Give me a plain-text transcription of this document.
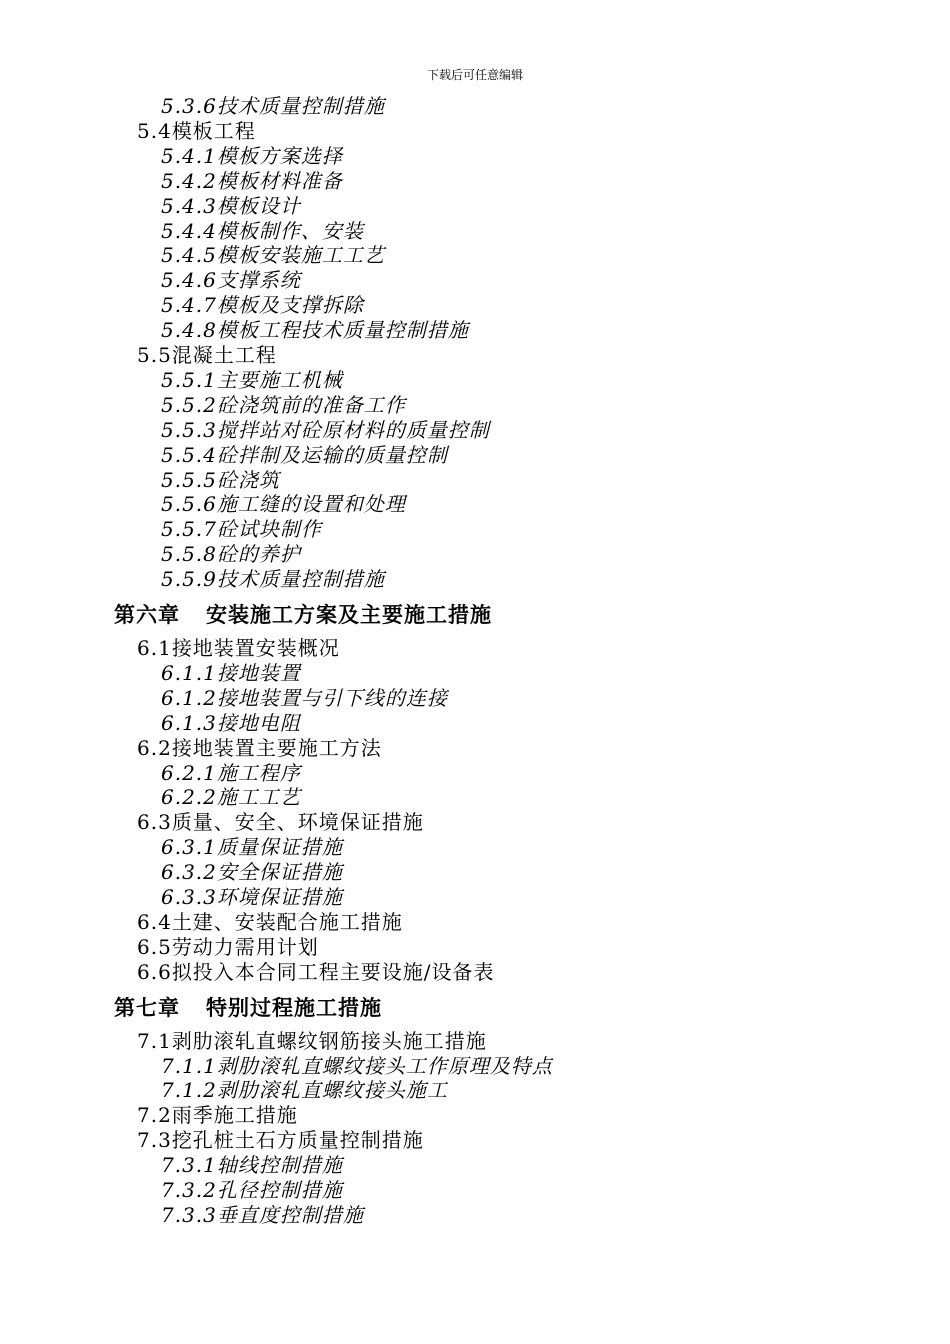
下载后可任意编辑
5.3.6技术质量控制措施
5.4模板工程
5.4.1模板方案选择
5.4.2模板材料准备
5.4.3模板设计
5.4.4模板制作、安装
5.4.5模板安装施工工艺
5.4.6支撑系统
5.4.7模板及支撑拆除
5.4.8模板工程技术质量控制措施
5.5混凝土工程
5.5.1主要施工机械
5.5.2砼浇筑前的准备工作
5.5.3搅拌站对砼原材料的质量控制
5.5.4砼拌制及运输的质量控制
5.5.5砼浇筑
5.5.6施工缝的设置和处理
5.5.7砼试块制作
5.5.8砼的养护
5.5.9技术质量控制措施
第六章 安装施工方案及主要施工措施
6.1接地装置安装概况
6.1.1接地装置
6.1.2接地装置与引下线的连接
6.1.3接地电阻
6.2接地装置主要施工方法
6.2.1施工程序
6.2.2施工工艺
6.3质量、安全、环境保证措施
6.3.1质量保证措施
6.3.2安全保证措施
6.3.3环境保证措施
6.4土建、安装配合施工措施
6.5劳动力需用计划
6.6拟投入本合同工程主要设施/设备表
第七章 特别过程施工措施
7.1剥肋滚轧直螺纹钢筋接头施工措施
7.1.1剥肋滚轧直螺纹接头工作原理及特点
7.1.2剥肋滚轧直螺纹接头施工
7.2雨季施工措施
7.3挖孔桩土石方质量控制措施
7.3.1轴线控制措施
7.3.2孔径控制措施
7.3.3垂直度控制措施
